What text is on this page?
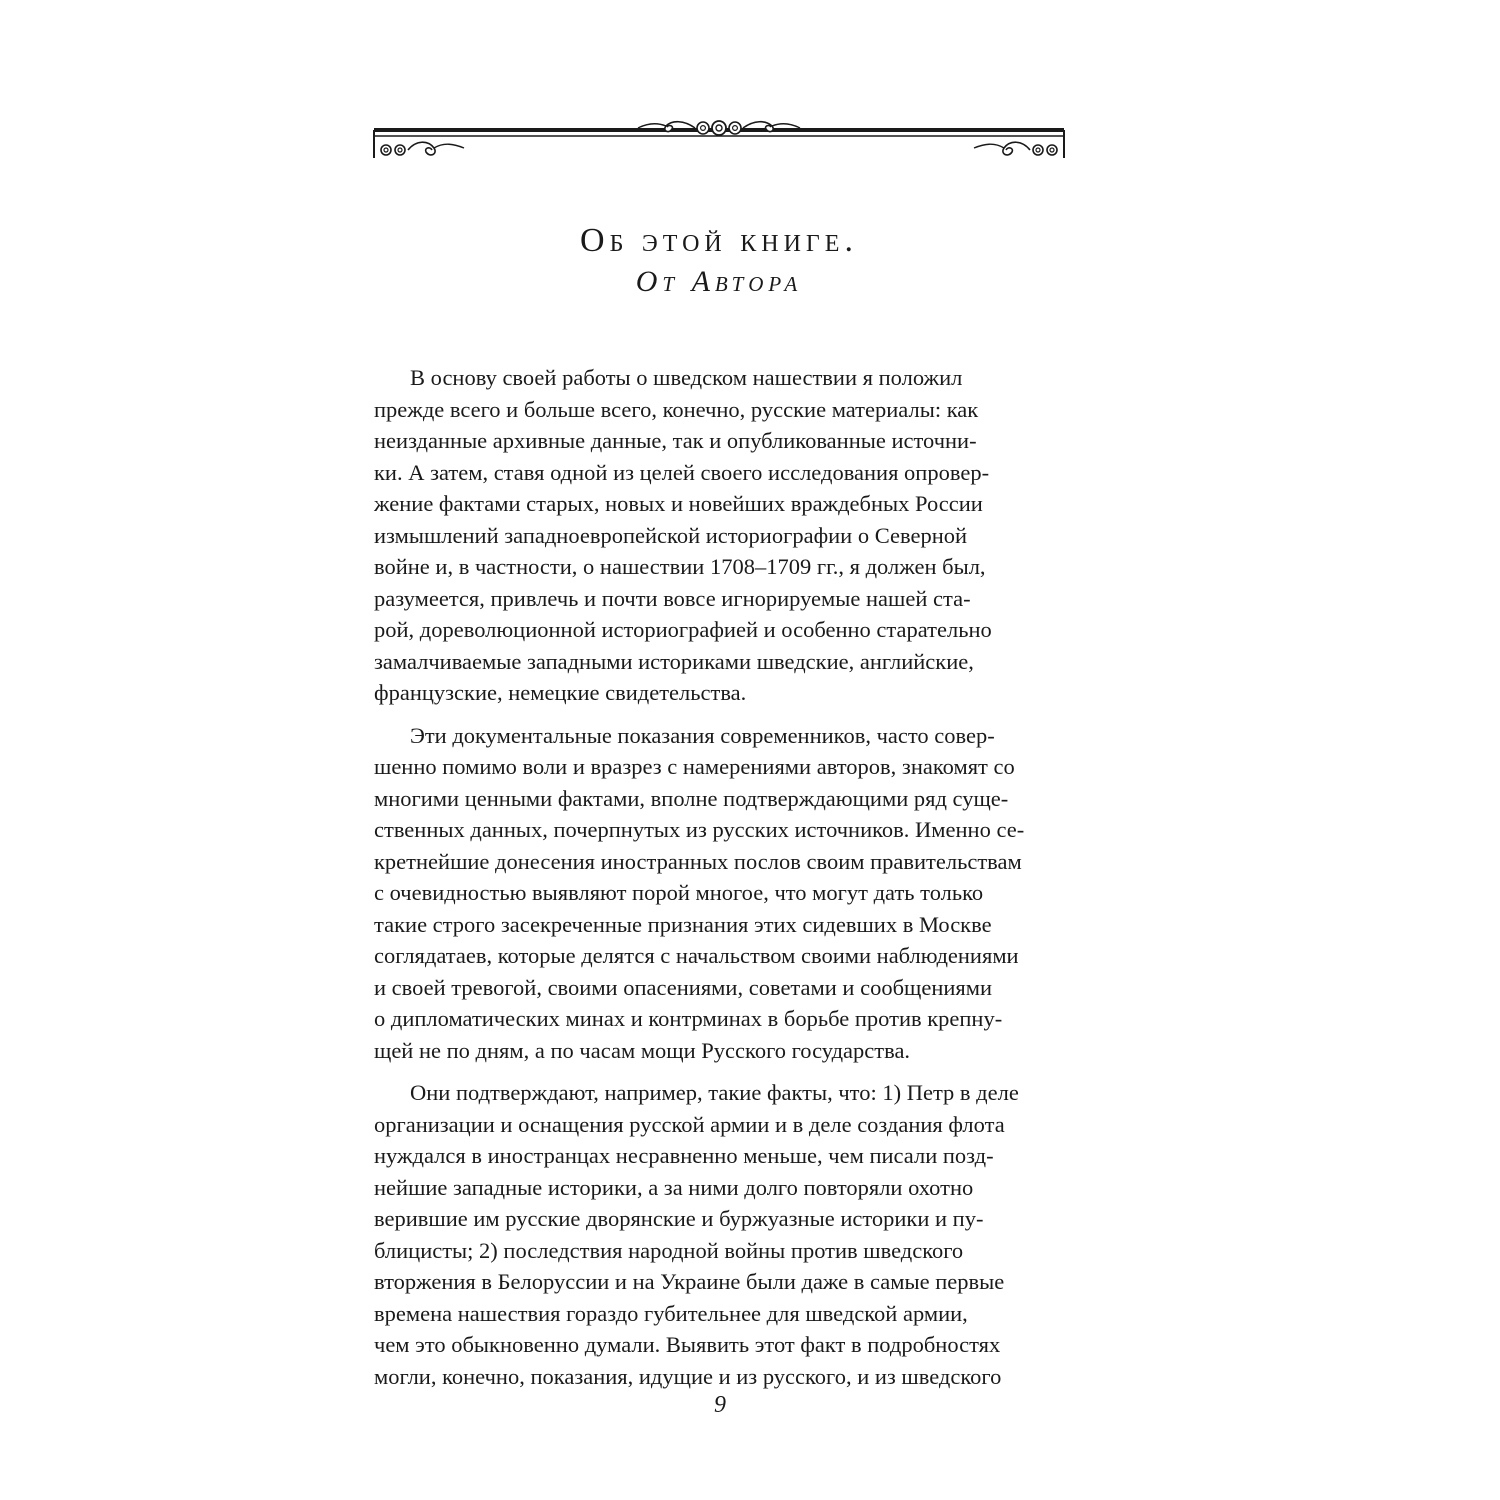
Об этой книге.
От Автора

В основу своей работы о шведском нашествии я положил
прежде всего и больше всего, конечно, русские материалы: как
неизданные архивные данные, так и опубликованные источни-
ки. А затем, ставя одной из целей своего исследования опровер-
жение фактами старых, новых и новейших враждебных России
измышлений западноевропейской историографии о Северной
войне и, в частности, о нашествии 1708–1709 гг., я должен был,
разумеется, привлечь и почти вовсе игнорируемые нашей ста-
рой, дореволюционной историографией и особенно старательно
замалчиваемые западными историками шведские, английские,
французские, немецкие свидетельства.

Эти документальные показания современников, часто совер-
шенно помимо воли и вразрез с намерениями авторов, знакомят со
многими ценными фактами, вполне подтверждающими ряд суще-
ственных данных, почерпнутых из русских источников. Именно се-
кретнейшие донесения иностранных послов своим правительствам
с очевидностью выявляют порой многое, что могут дать только
такие строго засекреченные признания этих сидевших в Москве
соглядатаев, которые делятся с начальством своими наблюдениями
и своей тревогой, своими опасениями, советами и сообщениями
о дипломатических минах и контрминах в борьбе против крепну-
щей не по дням, а по часам мощи Русского государства.

Они подтверждают, например, такие факты, что: 1) Петр в деле
организации и оснащения русской армии и в деле создания флота
нуждался в иностранцах несравненно меньше, чем писали позд-
нейшие западные историки, а за ними долго повторяли охотно
верившие им русские дворянские и буржуазные историки и пу-
блицисты; 2) последствия народной войны против шведского
вторжения в Белоруссии и на Украине были даже в самые первые
времена нашествия гораздо губительнее для шведской армии,
чем это обыкновенно думали. Выявить этот факт в подробностях
могли, конечно, показания, идущие и из русского, и из шведского

9
